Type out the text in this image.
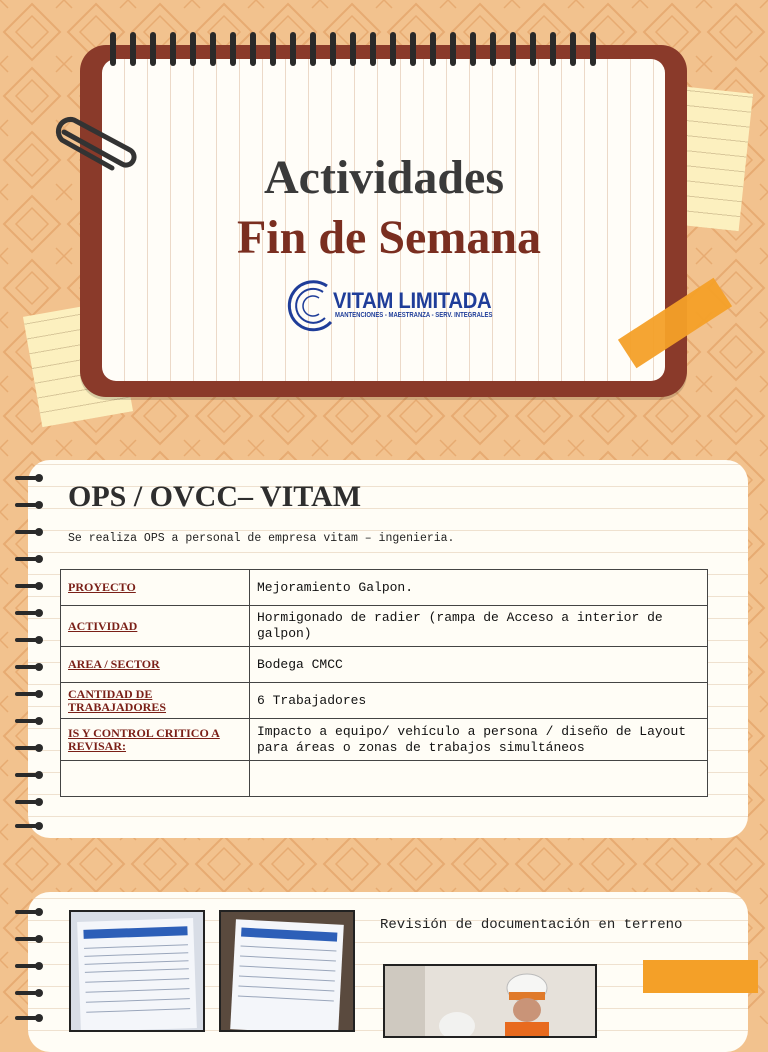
Actividades
Fin de Semana
VITAM LIMITADA
MANTENCIONES - MAESTRANZA - SERV. INTEGRALES
OPS / OVCC– VITAM

Se realiza OPS a personal de empresa vitam – ingenieria.

PROYECTO	Mejoramiento Galpon.
ACTIVIDAD	Hormigonado de radier (rampa de Acceso a interior de galpon)
AREA / SECTOR	Bodega CMCC
CANTIDAD DE TRABAJADORES	6 Trabajadores
IS Y CONTROL CRITICO A REVISAR:	Impacto a equipo/ vehículo a persona / diseño de Layout para áreas o zonas de trabajos simultáneos

Revisión de documentación en terreno
